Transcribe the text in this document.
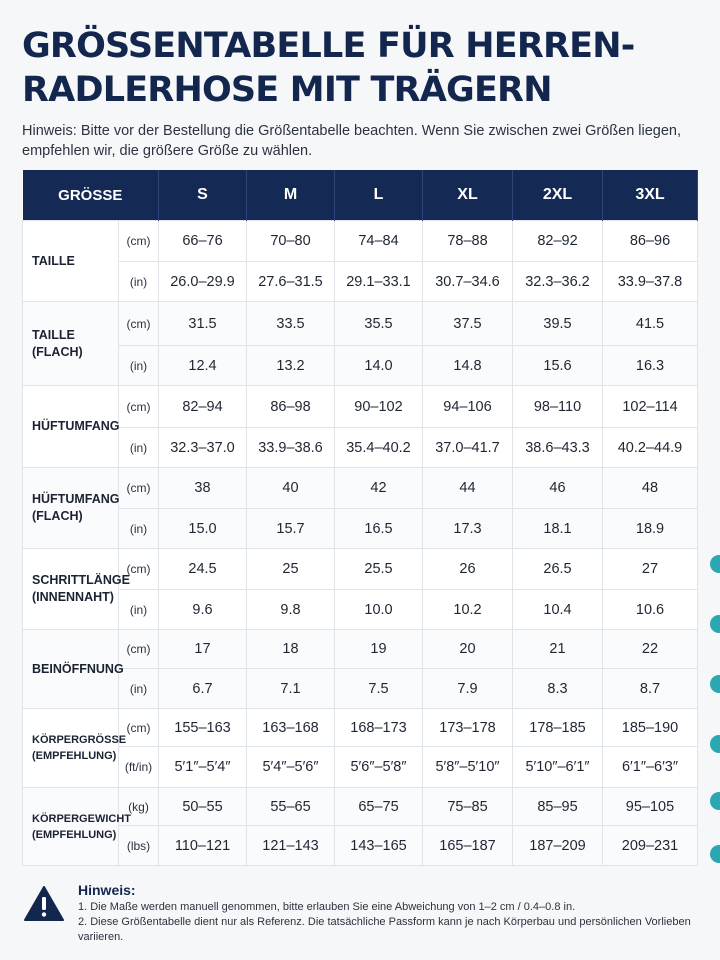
GRÖSSENTABELLE FÜR HERREN-RADLERHOSE MIT TRÄGERN
Hinweis: Bitte vor der Bestellung die Größentabelle beachten. Wenn Sie zwischen zwei Größen liegen, empfehlen wir, die größere Größe zu wählen.
GRÖSSE		S	M	L	XL	2XL	3XL
TAILLE	(cm)	66–76	70–80	74–84	78–88	82–92	86–96
	(in)	26.0–29.9	27.6–31.5	29.1–33.1	30.7–34.6	32.3–36.2	33.9–37.8
TAILLE
(FLACH)	(cm)	31.5	33.5	35.5	37.5	39.5	41.5
	(in)	12.4	13.2	14.0	14.8	15.6	16.3
HÜFTUMFANG	(cm)	82–94	86–98	90–102	94–106	98–110	102–114
	(in)	32.3–37.0	33.9–38.6	35.4–40.2	37.0–41.7	38.6–43.3	40.2–44.9
HÜFTUMFANG
(FLACH)	(cm)	38	40	42	44	46	48
	(in)	15.0	15.7	16.5	17.3	18.1	18.9
SCHRITTLÄNGE
(INNENNAHT)	(cm)	24.5	25	25.5	26	26.5	27
	(in)	9.6	9.8	10.0	10.2	10.4	10.6
BEINÖFFNUNG	(cm)	17	18	19	20	21	22
	(in)	6.7	7.1	7.5	7.9	8.3	8.7
KÖRPERGRÖSSE
(EMPFEHLUNG)	(cm)	155–163	163–168	168–173	173–178	178–185	185–190
	(ft/in)	5′1″–5′4″	5′4″–5′6″	5′6″–5′8″	5′8″–5′10″	5′10″–6′1″	6′1″–6′3″
KÖRPERGEWICHT
(EMPFEHLUNG)	(kg)	50–55	55–65	65–75	75–85	85–95	95–105
	(lbs)	110–121	121–143	143–165	165–187	187–209	209–231
Hinweis:
1. Die Maße werden manuell genommen, bitte erlauben Sie eine Abweichung von 1–2 cm / 0.4–0.8 in.
2. Diese Größentabelle dient nur als Referenz. Die tatsächliche Passform kann je nach Körperbau und persönlichen Vorlieben variieren.
